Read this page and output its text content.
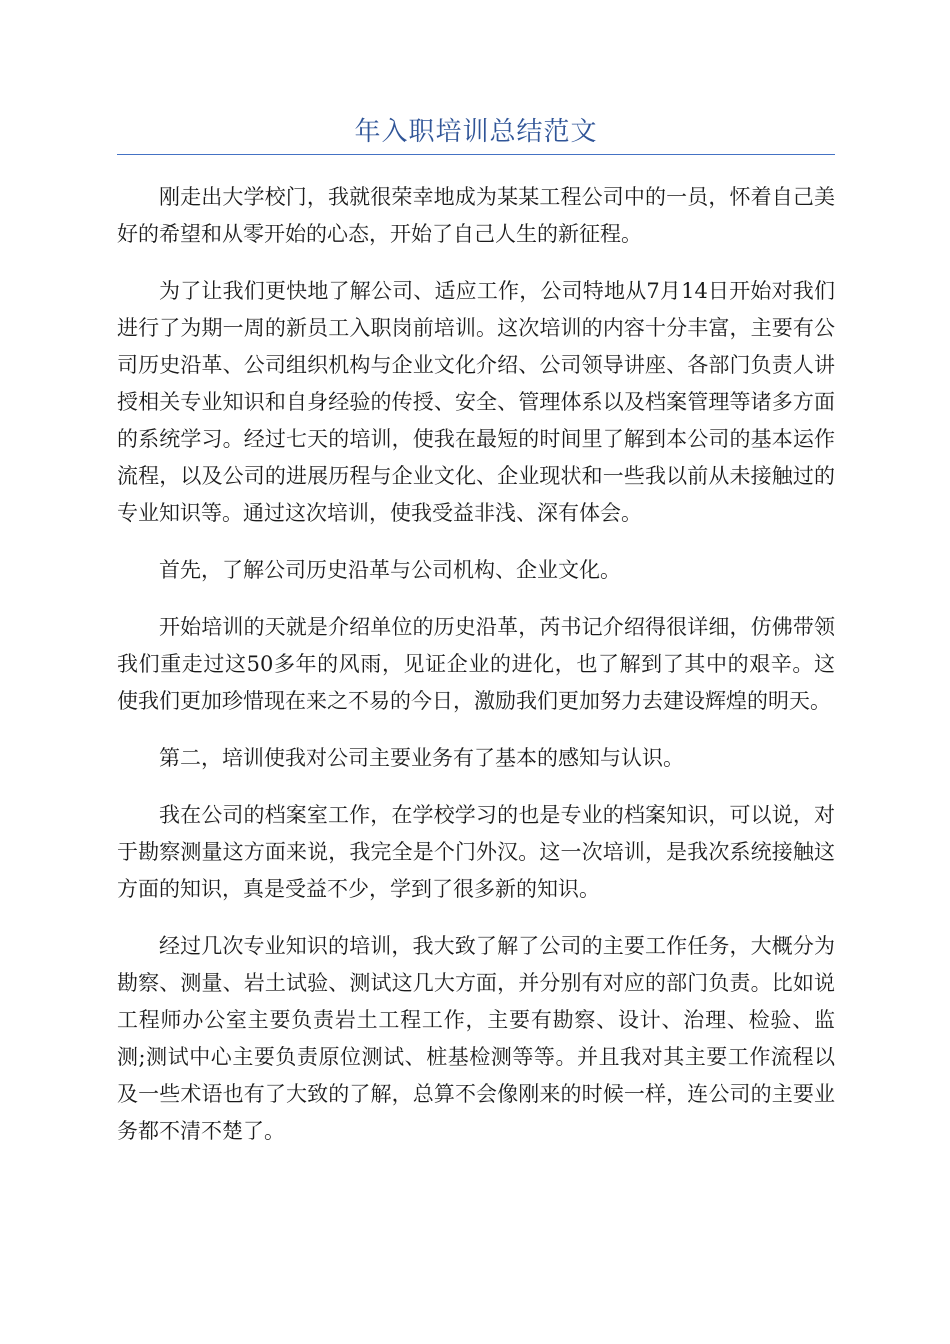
年入职培训总结范文

刚走出大学校门，我就很荣幸地成为某某工程公司中的一员，怀着自己美好的希望和从零开始的心态，开始了自己人生的新征程。

为了让我们更快地了解公司、适应工作，公司特地从7月14日开始对我们进行了为期一周的新员工入职岗前培训。这次培训的内容十分丰富，主要有公司历史沿革、公司组织机构与企业文化介绍、公司领导讲座、各部门负责人讲授相关专业知识和自身经验的传授、安全、管理体系以及档案管理等诸多方面的系统学习。经过七天的培训，使我在最短的时间里了解到本公司的基本运作流程，以及公司的进展历程与企业文化、企业现状和一些我以前从未接触过的专业知识等。通过这次培训，使我受益非浅、深有体会。

首先，了解公司历史沿革与公司机构、企业文化。

开始培训的天就是介绍单位的历史沿革，芮书记介绍得很详细，仿佛带领我们重走过这50多年的风雨，见证企业的进化，也了解到了其中的艰辛。这使我们更加珍惜现在来之不易的今日，激励我们更加努力去建设辉煌的明天。

第二，培训使我对公司主要业务有了基本的感知与认识。

我在公司的档案室工作，在学校学习的也是专业的档案知识，可以说，对于勘察测量这方面来说，我完全是个门外汉。这一次培训，是我次系统接触这方面的知识，真是受益不少，学到了很多新的知识。

经过几次专业知识的培训，我大致了解了公司的主要工作任务，大概分为勘察、测量、岩土试验、测试这几大方面，并分别有对应的部门负责。比如说工程师办公室主要负责岩土工程工作，主要有勘察、设计、治理、检验、监测;测试中心主要负责原位测试、桩基检测等等。并且我对其主要工作流程以及一些术语也有了大致的了解，总算不会像刚来的时候一样，连公司的主要业务都不清不楚了。
